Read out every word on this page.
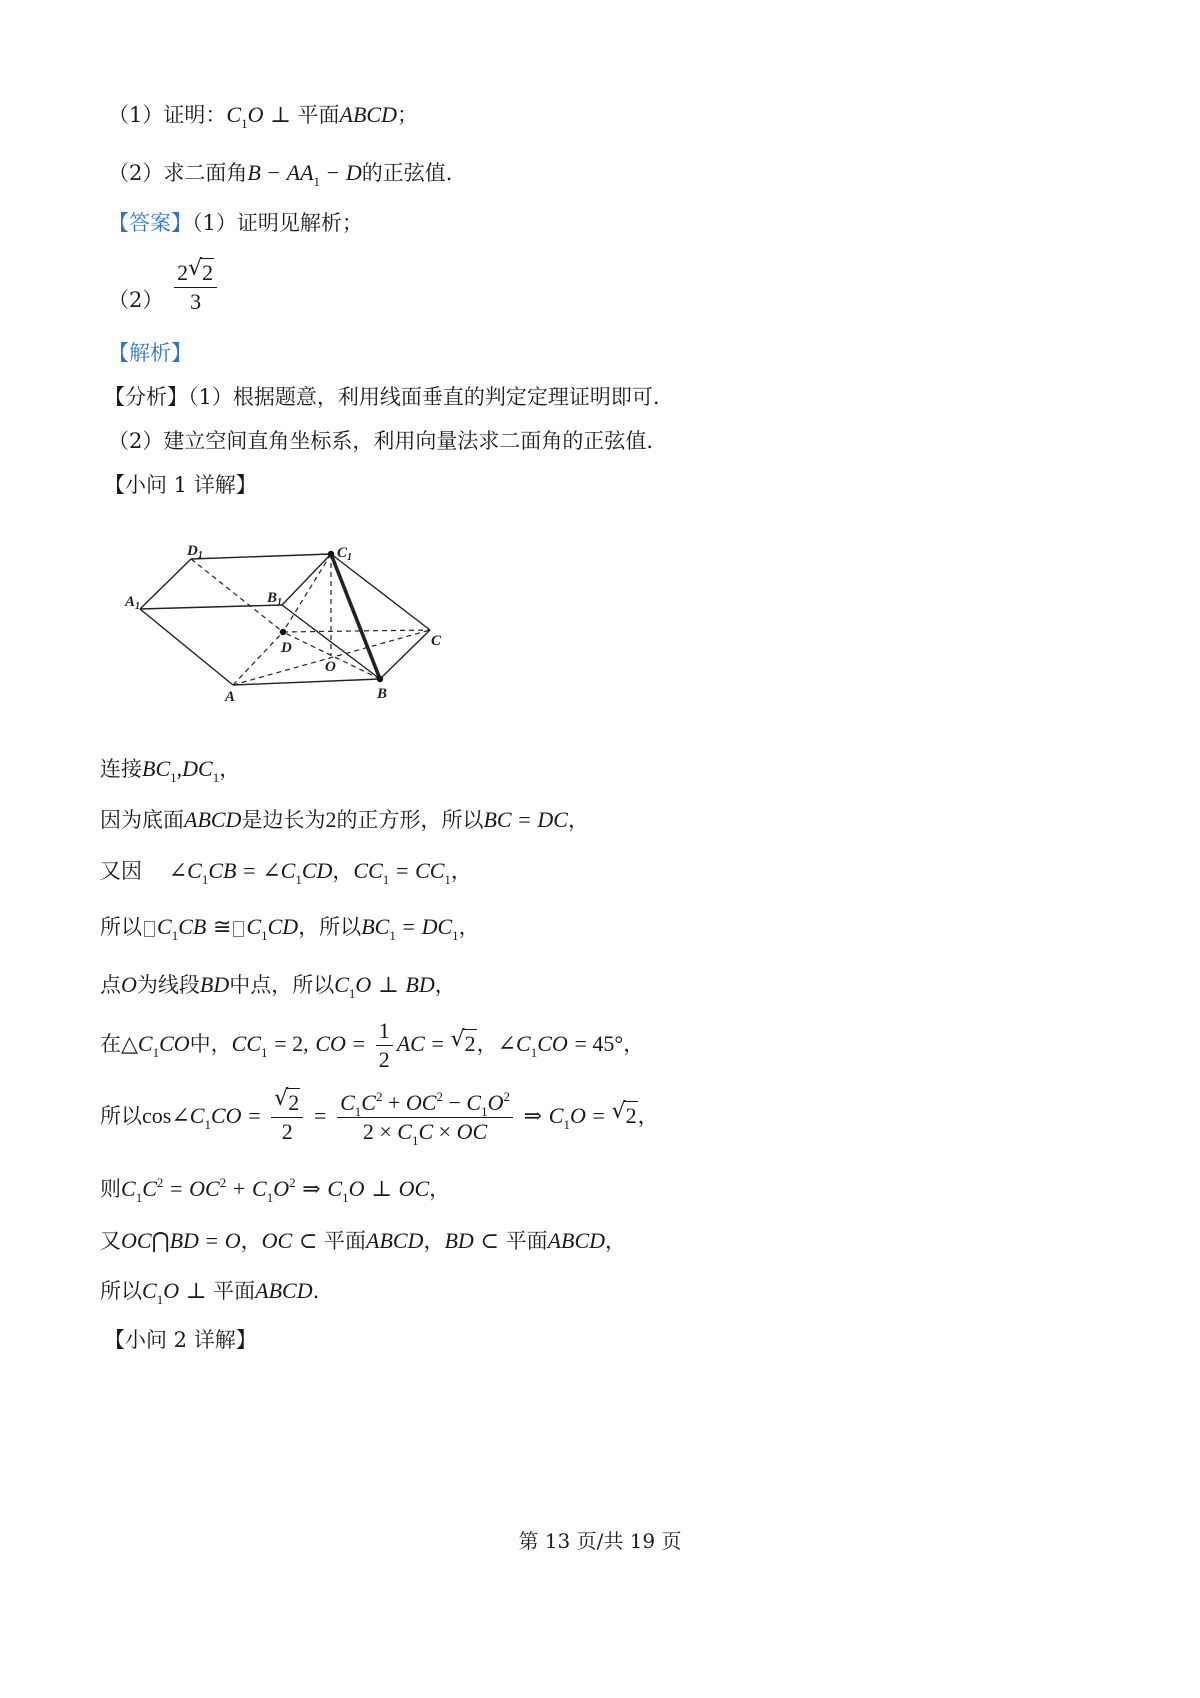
（1）证明：$C_1O$ ⊥ 平面ABCD；
（2）求二面角$B - AA_1 - D$的正弦值.
【答案】（1）证明见解析；
$(2) \frac{2 √ 2}{3}$
【解析】
【分析】（1）根据题意，利用线面垂直的判定定理证明即可.
（2）建立空间直角坐标系，利用向量法求二面角的正弦值.
【小问 1 详解】
$D_1$	$C_1$
$A_1$
$B_1$
D	C
O
A	B
连接$BC_1,DC_1$，
因为底面ABCD是边长为2的正方形，所以BC = DC，
又因    $\angle C_1CB$ = $\angle C_1CD$，$CC_1 = CC_1$，
所以 $C_1CB$ ≅ $C_1CD$，所以$BC_1 = DC_1$，
点O为线段BD中点，所以$C_1O$ ⊥ BD，
在$\triangle C_1CO$中，$CC_1 = 2$, CO = $\frac{1}{2}$ AC = √ 2，$\angle C_1CO = 45^\circ$，
所以$\cos\angle C_1CO = \frac{√ 2}{2} = \frac{C_1C^2 + OC^2 - C_1O^2}{2 \times C_1C \times OC}$ ⇒ $C_1O$ = √ 2，
则$C_1C^2 = OC^2 + C_1O^2$ ⇒ $C_1O$ ⊥ OC，
又OC⋂BD = O，OC ⊂ 平面ABCD，BD ⊂ 平面ABCD，
所以$C_1O$ ⊥ 平面ABCD.
【小问 2 详解】
第 13 页/共 19 页
